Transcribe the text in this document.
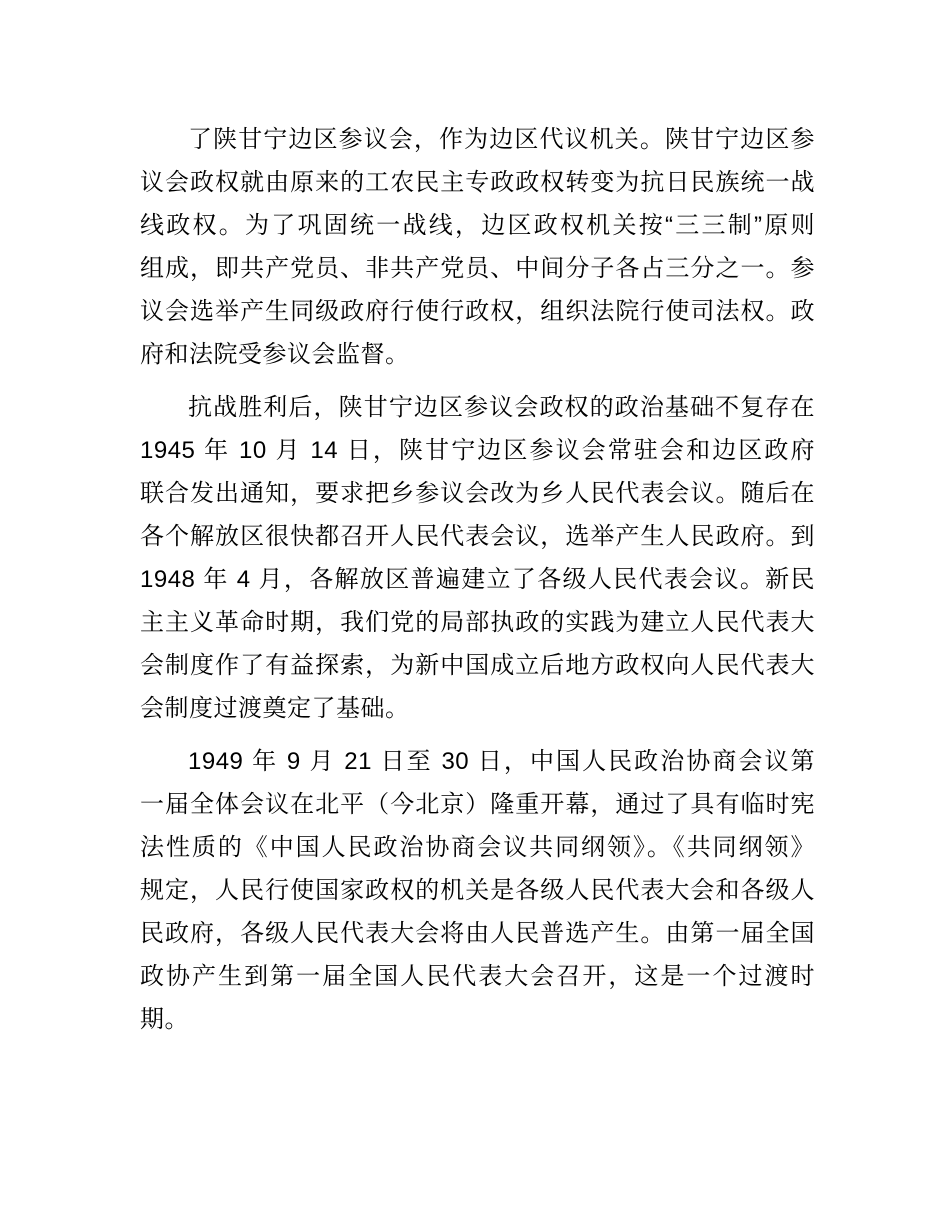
了陕甘宁边区参议会，作为边区代议机关。陕甘宁边区参
议会政权就由原来的工农民主专政政权转变为抗日民族统一战
线政权。为了巩固统一战线，边区政权机关按“三三制”原则
组成，即共产党员、非共产党员、中间分子各占三分之一。参
议会选举产生同级政府行使行政权，组织法院行使司法权。政
府和法院受参议会监督。
抗战胜利后，陕甘宁边区参议会政权的政治基础不复存在
1945 年 10 月 14 日，陕甘宁边区参议会常驻会和边区政府
联合发出通知，要求把乡参议会改为乡人民代表会议。随后在
各个解放区很快都召开人民代表会议，选举产生人民政府。到
1948 年 4 月，各解放区普遍建立了各级人民代表会议。新民
主主义革命时期，我们党的局部执政的实践为建立人民代表大
会制度作了有益探索，为新中国成立后地方政权向人民代表大
会制度过渡奠定了基础。
1949 年 9 月 21 日至 30 日，中国人民政治协商会议第
一届全体会议在北平（今北京）隆重开幕，通过了具有临时宪
法性质的《中国人民政治协商会议共同纲领》。《共同纲领》
规定，人民行使国家政权的机关是各级人民代表大会和各级人
民政府，各级人民代表大会将由人民普选产生。由第一届全国
政协产生到第一届全国人民代表大会召开，这是一个过渡时期。
